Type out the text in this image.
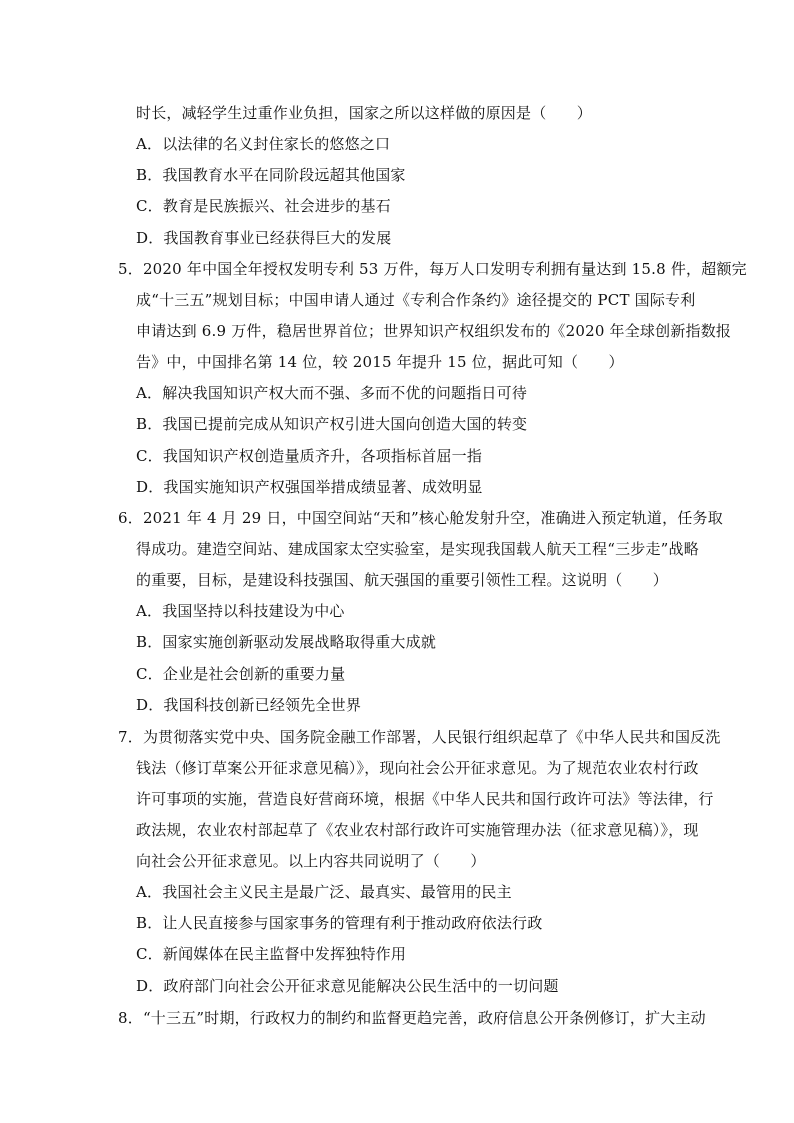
时长，减轻学生过重作业负担，国家之所以这样做的原因是（　　）
A．以法律的名义封住家长的悠悠之口
B．我国教育水平在同阶段远超其他国家
C．教育是民族振兴、社会进步的基石
D．我国教育事业已经获得巨大的发展
5．2020 年中国全年授权发明专利 53 万件，每万人口发明专利拥有量达到 15.8 件，超额完
成“十三五”规划目标；中国申请人通过《专利合作条约》途径提交的 PCT 国际专利
申请达到 6.9 万件，稳居世界首位；世界知识产权组织发布的《2020 年全球创新指数报
告》中，中国排名第 14 位，较 2015 年提升 15 位，据此可知（　　）
A．解决我国知识产权大而不强、多而不优的问题指日可待
B．我国已提前完成从知识产权引进大国向创造大国的转变
C．我国知识产权创造量质齐升，各项指标首屈一指
D．我国实施知识产权强国举措成绩显著、成效明显
6．2021 年 4 月 29 日，中国空间站“天和”核心舱发射升空，准确进入预定轨道，任务取
得成功。建造空间站、建成国家太空实验室，是实现我国载人航天工程“三步走”战略
的重要，目标，是建设科技强国、航天强国的重要引领性工程。这说明（　　）
A．我国坚持以科技建设为中心
B．国家实施创新驱动发展战略取得重大成就
C．企业是社会创新的重要力量
D．我国科技创新已经领先全世界
7．为贯彻落实党中央、国务院金融工作部署，人民银行组织起草了《中华人民共和国反洗
钱法（修订草案公开征求意见稿）》，现向社会公开征求意见。为了规范农业农村行政
许可事项的实施，营造良好营商环境，根据《中华人民共和国行政许可法》等法律，行
政法规，农业农村部起草了《农业农村部行政许可实施管理办法（征求意见稿）》，现
向社会公开征求意见。以上内容共同说明了（　　）
A．我国社会主义民主是最广泛、最真实、最管用的民主
B．让人民直接参与国家事务的管理有利于推动政府依法行政
C．新闻媒体在民主监督中发挥独特作用
D．政府部门向社会公开征求意见能解决公民生活中的一切问题
8．“十三五”时期，行政权力的制约和监督更趋完善，政府信息公开条例修订，扩大主动
